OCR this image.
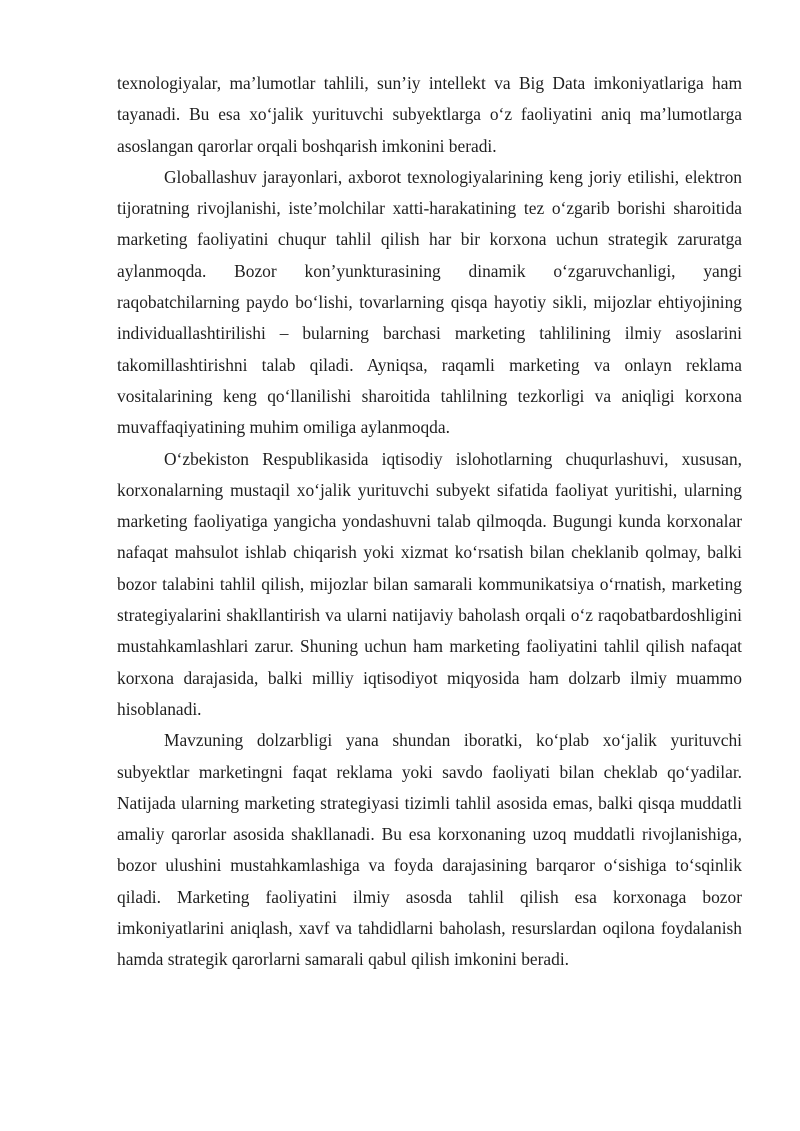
texnologiyalar, ma’lumotlar tahlili, sun’iy intellekt va Big Data imkoniyatlariga ham tayanadi. Bu esa xo‘jalik yurituvchi subyektlarga o‘z faoliyatini aniq ma’lumotlarga asoslangan qarorlar orqali boshqarish imkonini beradi.

Globallashuv jarayonlari, axborot texnologiyalarining keng joriy etilishi, elektron tijoratning rivojlanishi, iste’molchilar xatti-harakatining tez o‘zgarib borishi sharoitida marketing faoliyatini chuqur tahlil qilish har bir korxona uchun strategik zaruratga aylanmoqda. Bozor kon’yunkturasining dinamik o‘zgaruvchanligi, yangi raqobatchilarning paydo bo‘lishi, tovarlarning qisqa hayotiy sikli, mijozlar ehtiyojining individuallashtirilishi – bularning barchasi marketing tahlilining ilmiy asoslarini takomillashtirishni talab qiladi. Ayniqsa, raqamli marketing va onlayn reklama vositalarining keng qo‘llanilishi sharoitida tahlilning tezkorligi va aniqligi korxona muvaffaqiyatining muhim omiliga aylanmoqda.

O‘zbekiston Respublikasida iqtisodiy islohotlarning chuqurlashuvi, xususan, korxonalarning mustaqil xo‘jalik yurituvchi subyekt sifatida faoliyat yuritishi, ularning marketing faoliyatiga yangicha yondashuvni talab qilmoqda. Bugungi kunda korxonalar nafaqat mahsulot ishlab chiqarish yoki xizmat ko‘rsatish bilan cheklanib qolmay, balki bozor talabini tahlil qilish, mijozlar bilan samarali kommunikatsiya o‘rnatish, marketing strategiyalarini shakllantirish va ularni natijaviy baholash orqali o‘z raqobatbardoshligini mustahkamlashlari zarur. Shuning uchun ham marketing faoliyatini tahlil qilish nafaqat korxona darajasida, balki milliy iqtisodiyot miqyosida ham dolzarb ilmiy muammo hisoblanadi.

Mavzuning dolzarbligi yana shundan iboratki, ko‘plab xo‘jalik yurituvchi subyektlar marketingni faqat reklama yoki savdo faoliyati bilan cheklab qo‘yadilar. Natijada ularning marketing strategiyasi tizimli tahlil asosida emas, balki qisqa muddatli amaliy qarorlar asosida shakllanadi. Bu esa korxonaning uzoq muddatli rivojlanishiga, bozor ulushini mustahkamlashiga va foyda darajasining barqaror o‘sishiga to‘sqinlik qiladi. Marketing faoliyatini ilmiy asosda tahlil qilish esa korxonaga bozor imkoniyatlarini aniqlash, xavf va tahdidlarni baholash, resurslardan oqilona foydalanish hamda strategik qarorlarni samarali qabul qilish imkonini beradi.
